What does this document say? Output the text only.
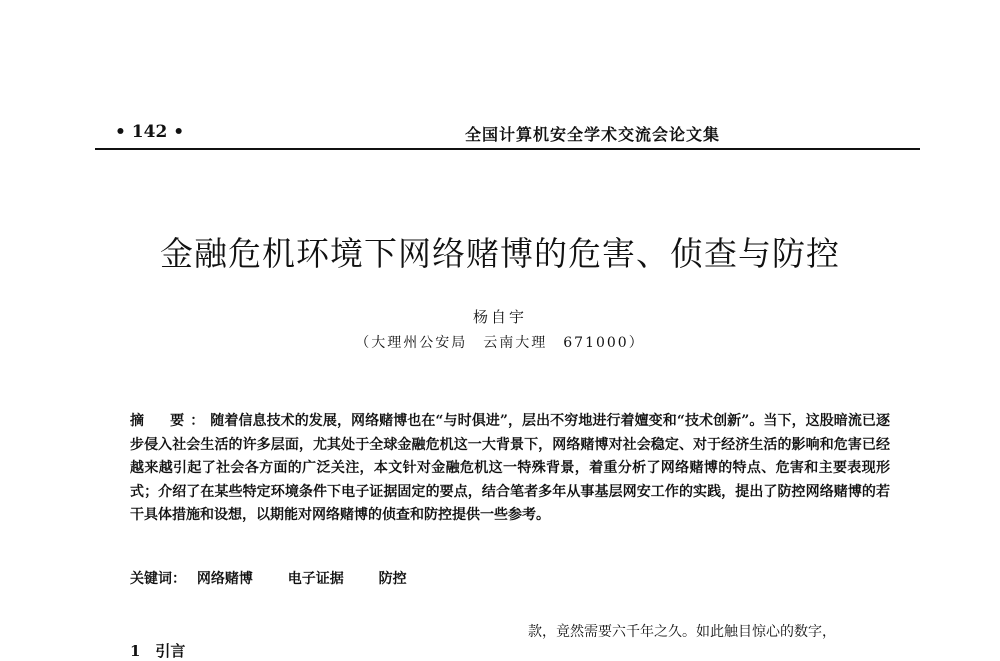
• 142 •	全国计算机安全学术交流会论文集
金融危机环境下网络赌博的危害、侦查与防控
杨自宇
（大理州公安局　云南大理　671000）
摘　要：随着信息技术的发展，网络赌博也在“与时俱进”，层出不穷地进行着嬗变和“技术创新”。当下，这股暗流已逐步侵入社会生活的许多层面，尤其处于全球金融危机这一大背景下，网络赌博对社会稳定、对于经济生活的影响和危害已经越来越引起了社会各方面的广泛关注，本文针对金融危机这一特殊背景，着重分析了网络赌博的特点、危害和主要表现形式；介绍了在某些特定环境条件下电子证据固定的要点，结合笔者多年从事基层网安工作的实践，提出了防控网络赌博的若干具体措施和设想，以期能对网络赌博的侦查和防控提供一些参考。
关键词： 网络赌博 电子证据 防控
款，竟然需要六千年之久。如此触目惊心的数字，
1　引言
